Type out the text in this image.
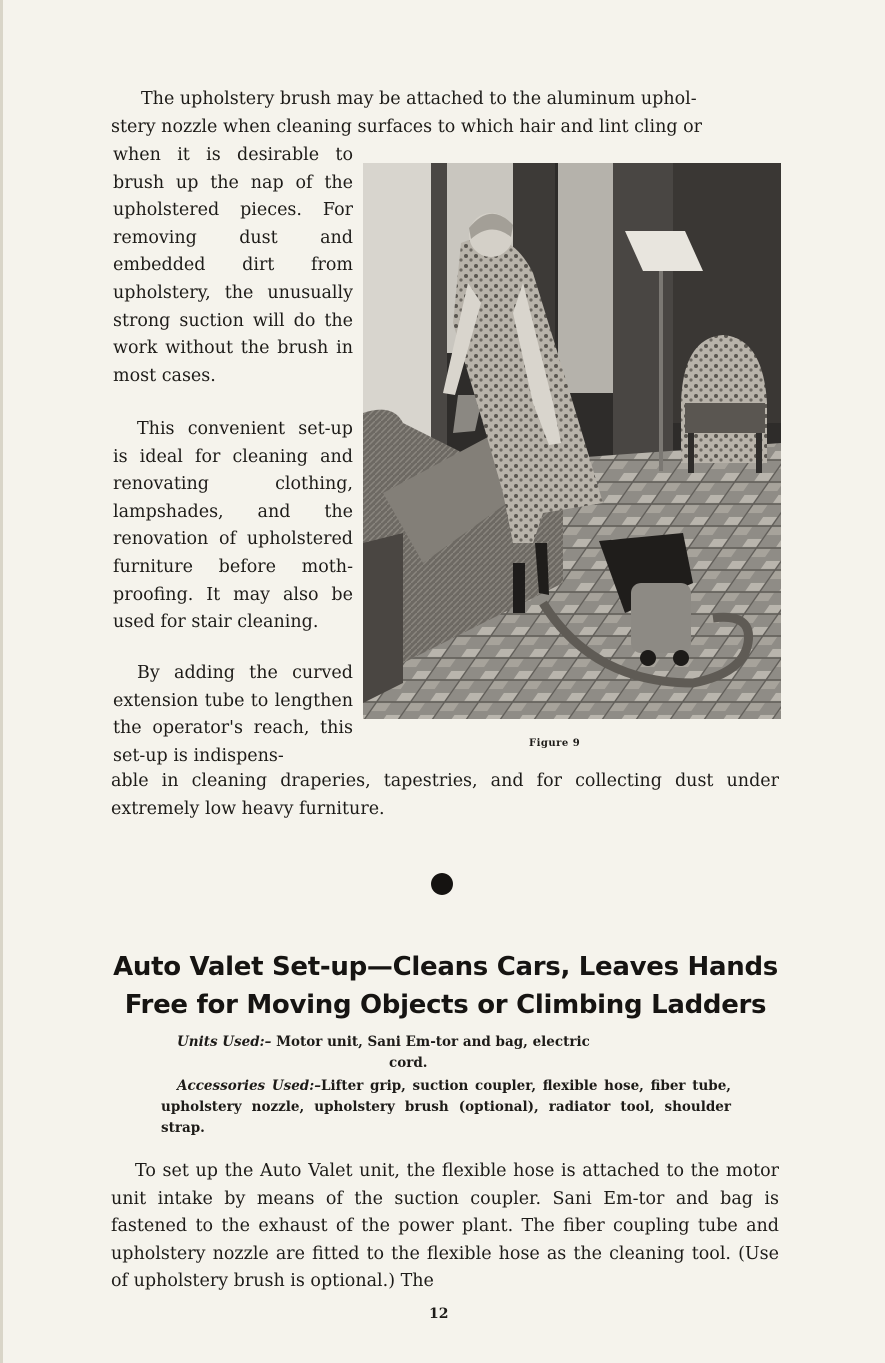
The upholstery brush may be attached to the aluminum uphol-
stery nozzle when cleaning surfaces to which hair and lint cling or

when it is desirable to brush up the nap of the upholstered pieces. For removing dust and embedded dirt from upholstery, the unusually strong suction will do the work without the brush in most cases.

This convenient set-up is ideal for cleaning and renovating clothing, lampshades, and the renovation of upholstered furniture before moth-proofing. It may also be used for stair cleaning.

By adding the curved extension tube to lengthen the operator's reach, this set-up is indispens-

Figure 9

able in cleaning draperies, tapestries, and for collecting dust under extremely low heavy furniture.

Auto Valet Set-up—Cleans Cars, Leaves Hands
Free for Moving Objects or Climbing Ladders
Units Used:– Motor unit, Sani Em-tor and bag, electric
cord.
Accessories Used:–Lifter grip, suction coupler, flexible hose, fiber tube, upholstery nozzle, upholstery brush (optional), radiator tool, shoulder strap.

To set up the Auto Valet unit, the flexible hose is attached to the motor unit intake by means of the suction coupler. Sani Em-tor and bag is fastened to the exhaust of the power plant. The fiber coupling tube and upholstery nozzle are fitted to the flexible hose as the cleaning tool. (Use of upholstery brush is optional.) The

12
